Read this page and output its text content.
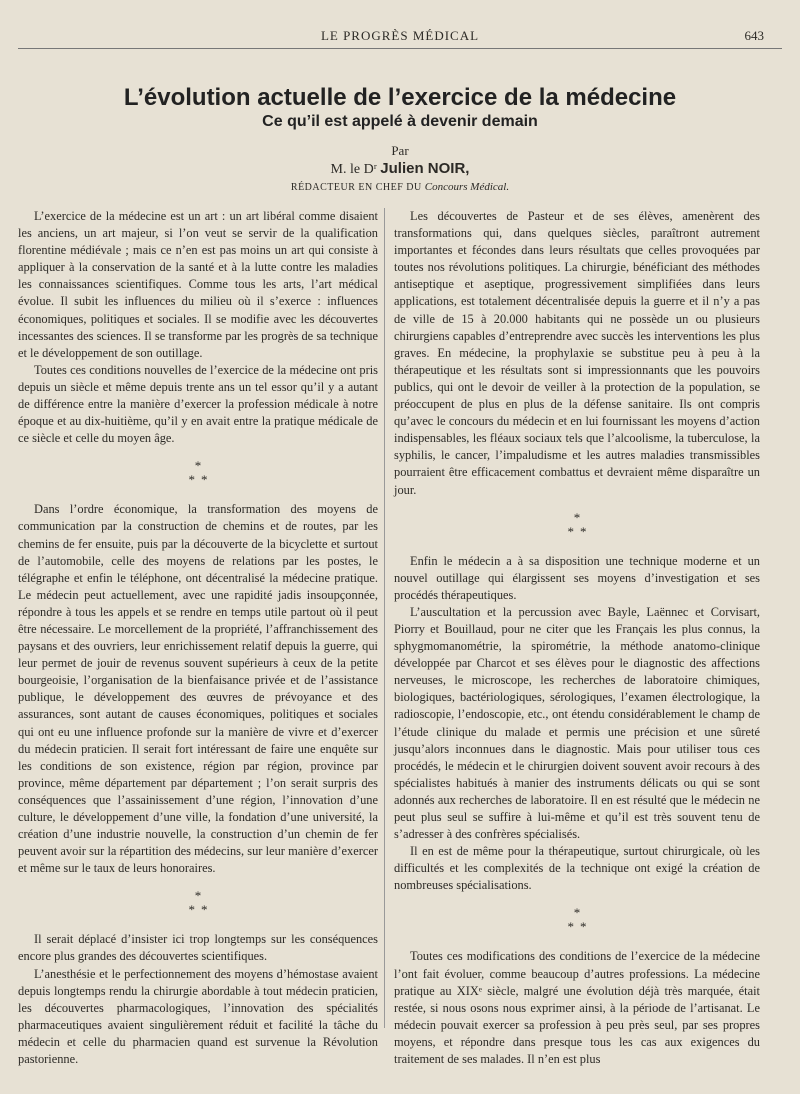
LE PROGRÈS MÉDICAL	643
L’évolution actuelle de l’exercice de la médecine
Ce qu’il est appelé à devenir demain
Par
M. le Dʳ Julien NOIR,
RÉDACTEUR EN CHEF DU Concours Médical.

L’exercice de la médecine est un art : un art libéral comme disaient les anciens, un art majeur, si l’on veut se servir de la qualification florentine médiévale ; mais ce n’en est pas moins un art qui consiste à appliquer à la conservation de la santé et à la lutte contre les maladies les connaissances scientifiques. Comme tous les arts, l’art médical évolue. Il subit les influences du milieu où il s’exerce : influences économiques, politiques et sociales. Il se modifie avec les découvertes incessantes des sciences. Il se transforme par les progrès de sa technique et le développement de son outillage.

Toutes ces conditions nouvelles de l’exercice de la médecine ont pris depuis un siècle et même depuis trente ans un tel essor qu’il y a autant de différence entre la manière d’exercer la profession médicale à notre époque et au dix-huitième, qu’il y en avait entre la pratique médicale de ce siècle et celle du moyen âge.

*
**

Dans l’ordre économique, la transformation des moyens de communication par la construction de chemins et de routes, par les chemins de fer ensuite, puis par la découverte de la bicyclette et surtout de l’automobile, celle des moyens de relations par les postes, le télégraphe et enfin le téléphone, ont décentralisé la médecine pratique. Le médecin peut actuellement, avec une rapidité jadis insoupçonnée, répondre à tous les appels et se rendre en temps utile partout où il peut être nécessaire. Le morcellement de la propriété, l’affranchissement des paysans et des ouvriers, leur enrichissement relatif depuis la guerre, qui leur permet de jouir de revenus souvent supérieurs à ceux de la petite bourgeoisie, l’organisation de la bienfaisance privée et de l’assistance publique, le développement des œuvres de prévoyance et des assurances, sont autant de causes économiques, politiques et sociales qui ont eu une influence profonde sur la manière de vivre et d’exercer du médecin praticien. Il serait fort intéressant de faire une enquête sur les conditions de son existence, région par région, province par province, même département par département ; l’on serait surpris des conséquences que l’assainissement d’une région, l’innovation d’une culture, le développement d’une ville, la fondation d’une université, la création d’une industrie nouvelle, la construction d’un chemin de fer peuvent avoir sur la répartition des médecins, sur leur manière d’exercer et même sur le taux de leurs honoraires.

*
**

Il serait déplacé d’insister ici trop longtemps sur les conséquences encore plus grandes des découvertes scientifiques.

L’anesthésie et le perfectionnement des moyens d’hémostase avaient depuis longtemps rendu la chirurgie abordable à tout médecin praticien, les découvertes pharmacologiques, l’innovation des spécialités pharmaceutiques avaient singulièrement réduit et facilité la tâche du médecin et celle du pharmacien quand est survenue la Révolution pastorienne.

Les découvertes de Pasteur et de ses élèves, amenèrent des transformations qui, dans quelques siècles, paraîtront autrement importantes et fécondes dans leurs résultats que celles provoquées par toutes nos révolutions politiques. La chirurgie, bénéficiant des méthodes antiseptique et aseptique, progressivement simplifiées dans leurs applications, est totalement décentralisée depuis la guerre et il n’y a pas de ville de 15 à 20.000 habitants qui ne possède un ou plusieurs chirurgiens capables d’entreprendre avec succès les interventions les plus graves. En médecine, la prophylaxie se substitue peu à peu à la thérapeutique et les résultats sont si impressionnants que les pouvoirs publics, qui ont le devoir de veiller à la protection de la population, se préoccupent de plus en plus de la défense sanitaire. Ils ont compris qu’avec le concours du médecin et en lui fournissant les moyens d’action indispensables, les fléaux sociaux tels que l’alcoolisme, la tuberculose, la syphilis, le cancer, l’impaludisme et les autres maladies transmissibles pourraient être efficacement combattus et devraient même disparaître un jour.

*
**

Enfin le médecin a à sa disposition une technique moderne et un nouvel outillage qui élargissent ses moyens d’investigation et ses procédés thérapeutiques.

L’auscultation et la percussion avec Bayle, Laënnec et Corvisart, Piorry et Bouillaud, pour ne citer que les Français les plus connus, la sphygmomanométrie, la spirométrie, la méthode anatomo-clinique développée par Charcot et ses élèves pour le diagnostic des affections nerveuses, le microscope, les recherches de laboratoire chimiques, biologiques, bactériologiques, sérologiques, l’examen électrologique, la radioscopie, l’endoscopie, etc., ont étendu considérablement le champ de l’étude clinique du malade et permis une précision et une sûreté jusqu’alors inconnues dans le diagnostic. Mais pour utiliser tous ces procédés, le médecin et le chirurgien doivent souvent avoir recours à des spécialistes habitués à manier des instruments délicats ou qui se sont adonnés aux recherches de laboratoire. Il en est résulté que le médecin ne peut plus seul se suffire à lui-même et qu’il est très souvent tenu de s’adresser à des confrères spécialisés.

Il en est de même pour la thérapeutique, surtout chirurgicale, où les difficultés et les complexités de la technique ont exigé la création de nombreuses spécialisations.

*
**

Toutes ces modifications des conditions de l’exercice de la médecine l’ont fait évoluer, comme beaucoup d’autres professions. La médecine pratique au XIXᵉ siècle, malgré une évolution déjà très marquée, était restée, si nous osons nous exprimer ainsi, à la période de l’artisanat. Le médecin pouvait exercer sa profession à peu près seul, par ses propres moyens, et répondre dans presque tous les cas aux exigences du traitement de ses malades. Il n’en est plus
